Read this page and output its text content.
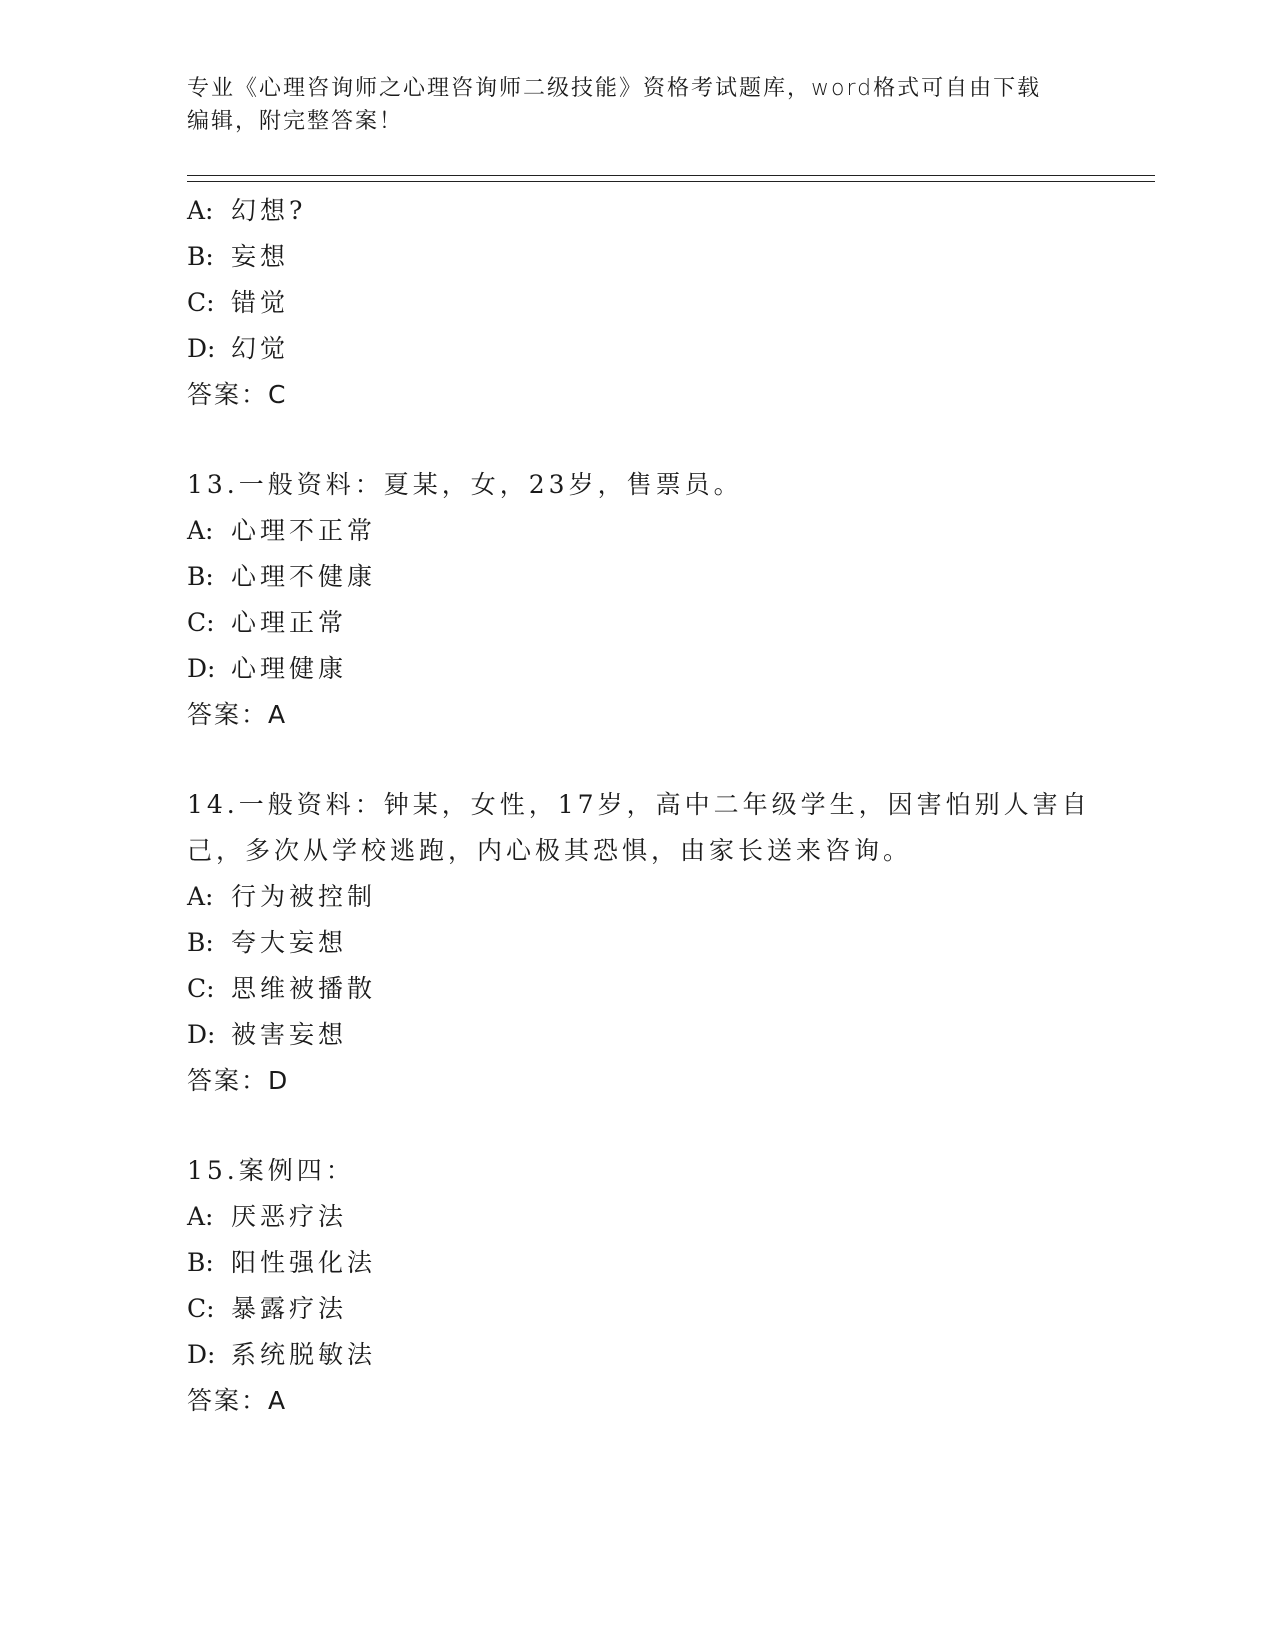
专业《心理咨询师之心理咨询师二级技能》资格考试题库，word格式可自由下载
编辑，附完整答案！
A: 幻想?
B: 妄想
C: 错觉
D: 幻觉
答案：C
13.一般资料：夏某，女，23岁，售票员。
A: 心理不正常
B: 心理不健康
C: 心理正常
D: 心理健康
答案：A
14.一般资料：钟某，女性，17岁，高中二年级学生，因害怕别人害自
己，多次从学校逃跑，内心极其恐惧，由家长送来咨询。
A: 行为被控制
B: 夸大妄想
C: 思维被播散
D: 被害妄想
答案：D
15.案例四：
A: 厌恶疗法
B: 阳性强化法
C: 暴露疗法
D: 系统脱敏法
答案：A
